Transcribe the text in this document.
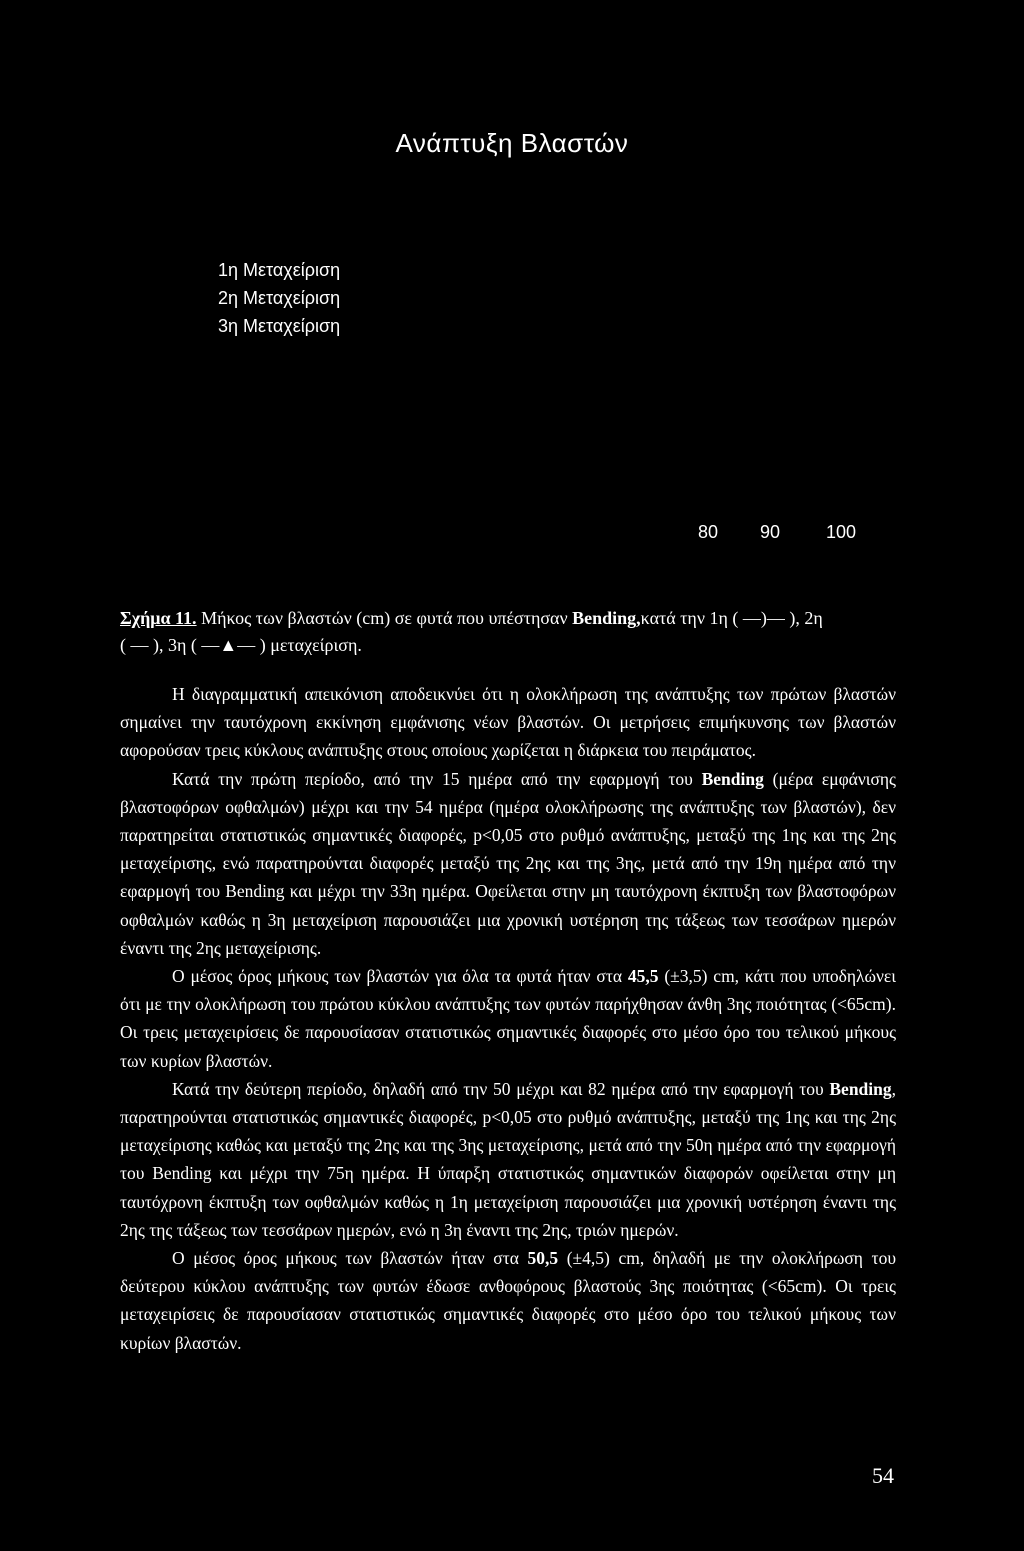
Ανάπτυξη Βλαστών
1η Μεταχείριση
2η Μεταχείριση
3η Μεταχείριση
80 90	100

Σχήμα 11. Μήκος των βλαστών (cm) σε φυτά που υπέστησαν Bending,κατά την 1η ( —)— ), 2η
( — ), 3η ( —▲— ) μεταχείριση.

Η διαγραμματική απεικόνιση αποδεικνύει ότι η ολοκλήρωση της ανάπτυξης των πρώτων βλαστών σημαίνει την ταυτόχρονη εκκίνηση εμφάνισης νέων βλαστών. Οι μετρήσεις επιμήκυνσης των βλαστών αφορούσαν τρεις κύκλους ανάπτυξης στους οποίους χωρίζεται η διάρκεια του πειράματος.

Κατά την πρώτη περίοδο, από την 15 ημέρα από την εφαρμογή του Bending (μέρα εμφάνισης βλαστοφόρων οφθαλμών) μέχρι και την 54 ημέρα (ημέρα ολοκλήρωσης της ανάπτυξης των βλαστών), δεν παρατηρείται στατιστικώς σημαντικές διαφορές, p<0,05 στο ρυθμό ανάπτυξης, μεταξύ της 1ης και της 2ης μεταχείρισης, ενώ παρατηρούνται διαφορές μεταξύ της 2ης και της 3ης, μετά από την 19η ημέρα από την εφαρμογή του Bending και μέχρι την 33η ημέρα. Οφείλεται στην μη ταυτόχρονη έκπτυξη των βλαστοφόρων οφθαλμών καθώς η 3η μεταχείριση παρουσιάζει μια χρονική υστέρηση της τάξεως των τεσσάρων ημερών έναντι της 2ης μεταχείρισης.

Ο μέσος όρος μήκους των βλαστών για όλα τα φυτά ήταν στα 45,5 (±3,5) cm, κάτι που υποδηλώνει ότι με την ολοκλήρωση του πρώτου κύκλου ανάπτυξης των φυτών παρήχθησαν άνθη 3ης ποιότητας (<65cm). Οι τρεις μεταχειρίσεις δε παρουσίασαν στατιστικώς σημαντικές διαφορές στο μέσο όρο του τελικού μήκους των κυρίων βλαστών.

Κατά την δεύτερη περίοδο, δηλαδή από την 50 μέχρι και 82 ημέρα από την εφαρμογή του Bending, παρατηρούνται στατιστικώς σημαντικές διαφορές, p<0,05 στο ρυθμό ανάπτυξης, μεταξύ της 1ης και της 2ης μεταχείρισης καθώς και μεταξύ της 2ης και της 3ης μεταχείρισης, μετά από την 50η ημέρα από την εφαρμογή του Bending και μέχρι την 75η ημέρα. Η ύπαρξη στατιστικώς σημαντικών διαφορών οφείλεται στην μη ταυτόχρονη έκπτυξη των οφθαλμών καθώς η 1η μεταχείριση παρουσιάζει μια χρονική υστέρηση έναντι της 2ης της τάξεως των τεσσάρων ημερών, ενώ η 3η έναντι της 2ης, τριών ημερών.

Ο μέσος όρος μήκους των βλαστών ήταν στα 50,5 (±4,5) cm, δηλαδή με την ολοκλήρωση του δεύτερου κύκλου ανάπτυξης των φυτών έδωσε ανθοφόρους βλαστούς 3ης ποιότητας (<65cm). Οι τρεις μεταχειρίσεις δε παρουσίασαν στατιστικώς σημαντικές διαφορές στο μέσο όρο του τελικού μήκους των κυρίων βλαστών.

54
